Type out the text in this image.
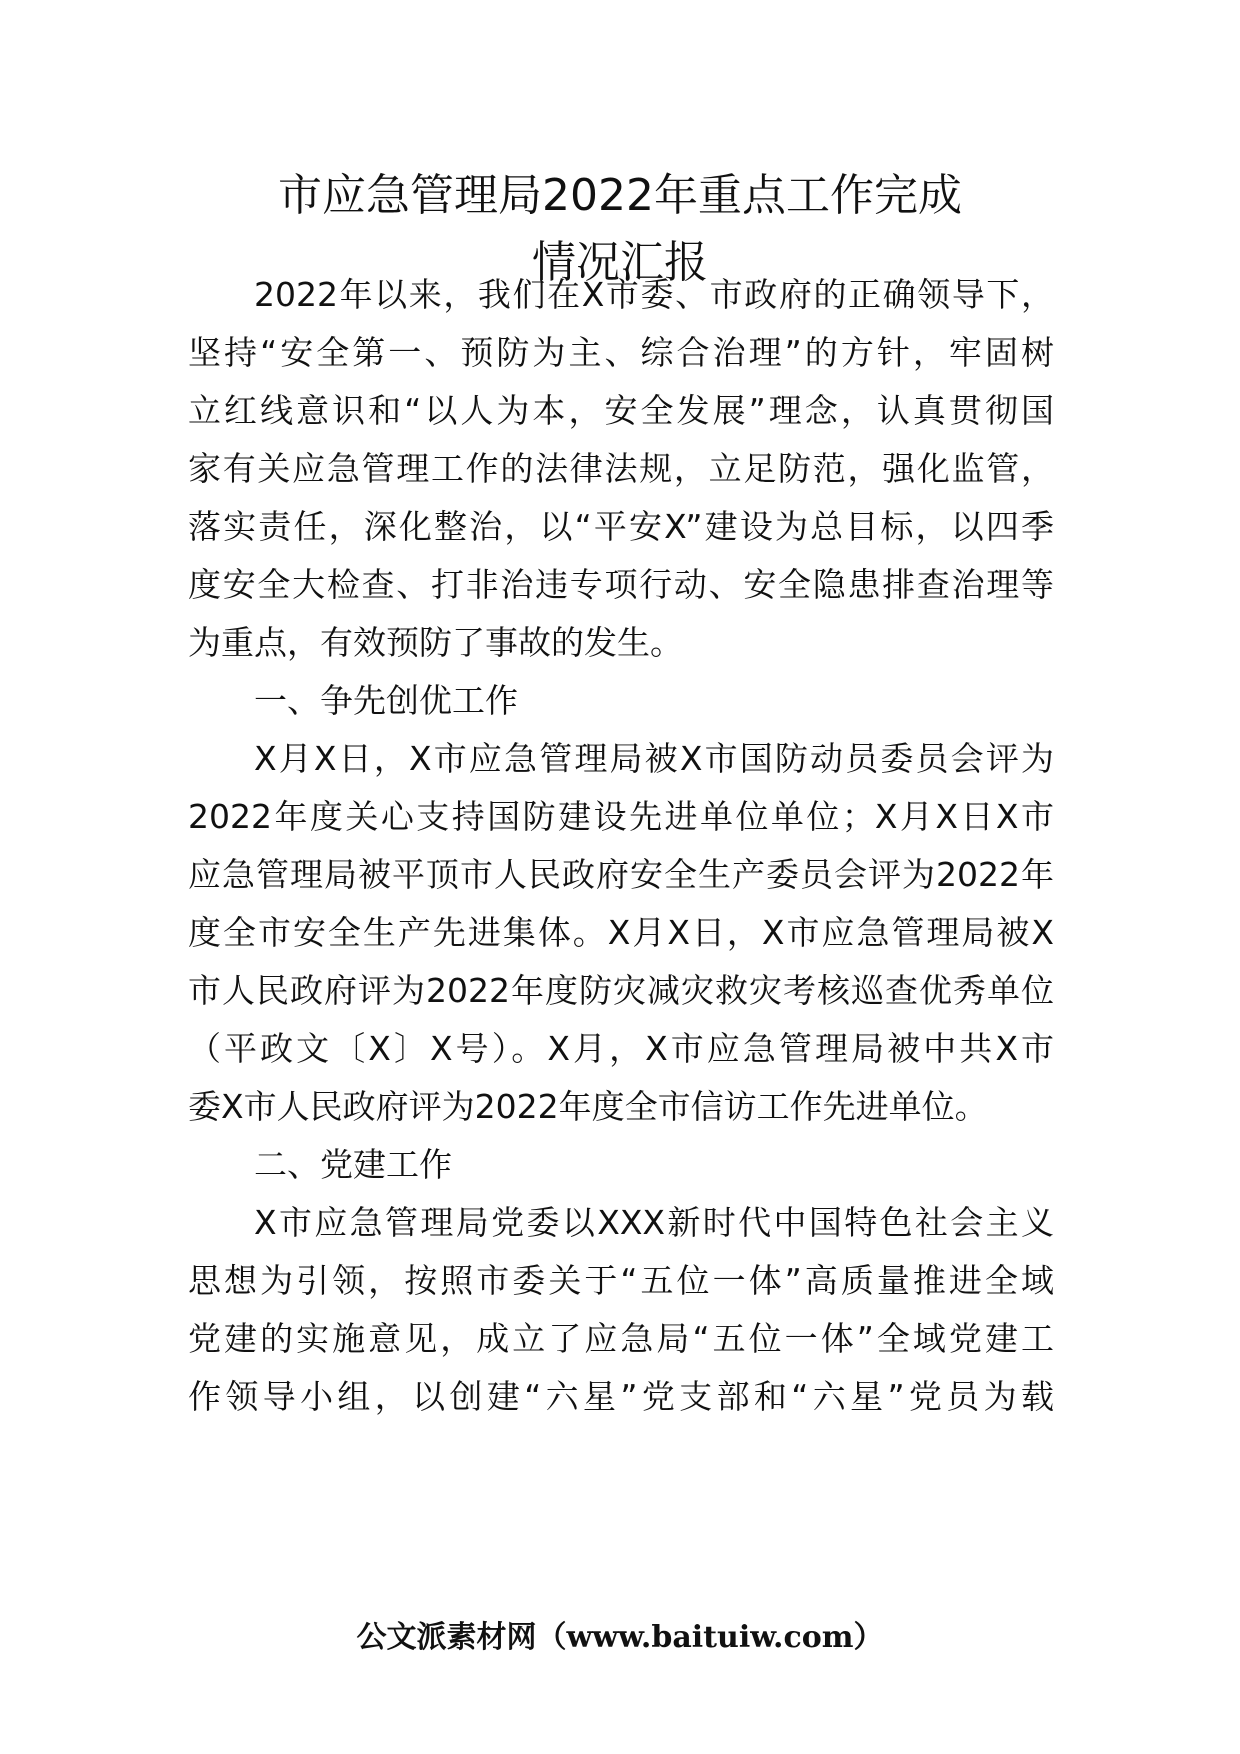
市应急管理局2022年重点工作完成
情况汇报
2022年以来，我们在X市委、市政府的正确领导下，
坚持“安全第一、预防为主、综合治理”的方针，牢固树
立红线意识和“以人为本，安全发展”理念，认真贯彻国
家有关应急管理工作的法律法规，立足防范，强化监管，
落实责任，深化整治，以“平安X”建设为总目标，以四季
度安全大检查、打非治违专项行动、安全隐患排查治理等
为重点，有效预防了事故的发生。
一、争先创优工作
X月X日，X市应急管理局被X市国防动员委员会评为
2022年度关心支持国防建设先进单位单位；X月X日X市
应急管理局被平顶市人民政府安全生产委员会评为2022年
度全市安全生产先进集体。X月X日，X市应急管理局被X
市人民政府评为2022年度防灾减灾救灾考核巡查优秀单位
（平政文〔X〕X号）。X月，X市应急管理局被中共X市
委X市人民政府评为2022年度全市信访工作先进单位。
二、党建工作
X市应急管理局党委以XXX新时代中国特色社会主义
思想为引领，按照市委关于“五位一体”高质量推进全域
党建的实施意见，成立了应急局“五位一体”全域党建工
作领导小组，以创建“六星”党支部和“六星”党员为载
公文派素材网（www.baituiw.com）
